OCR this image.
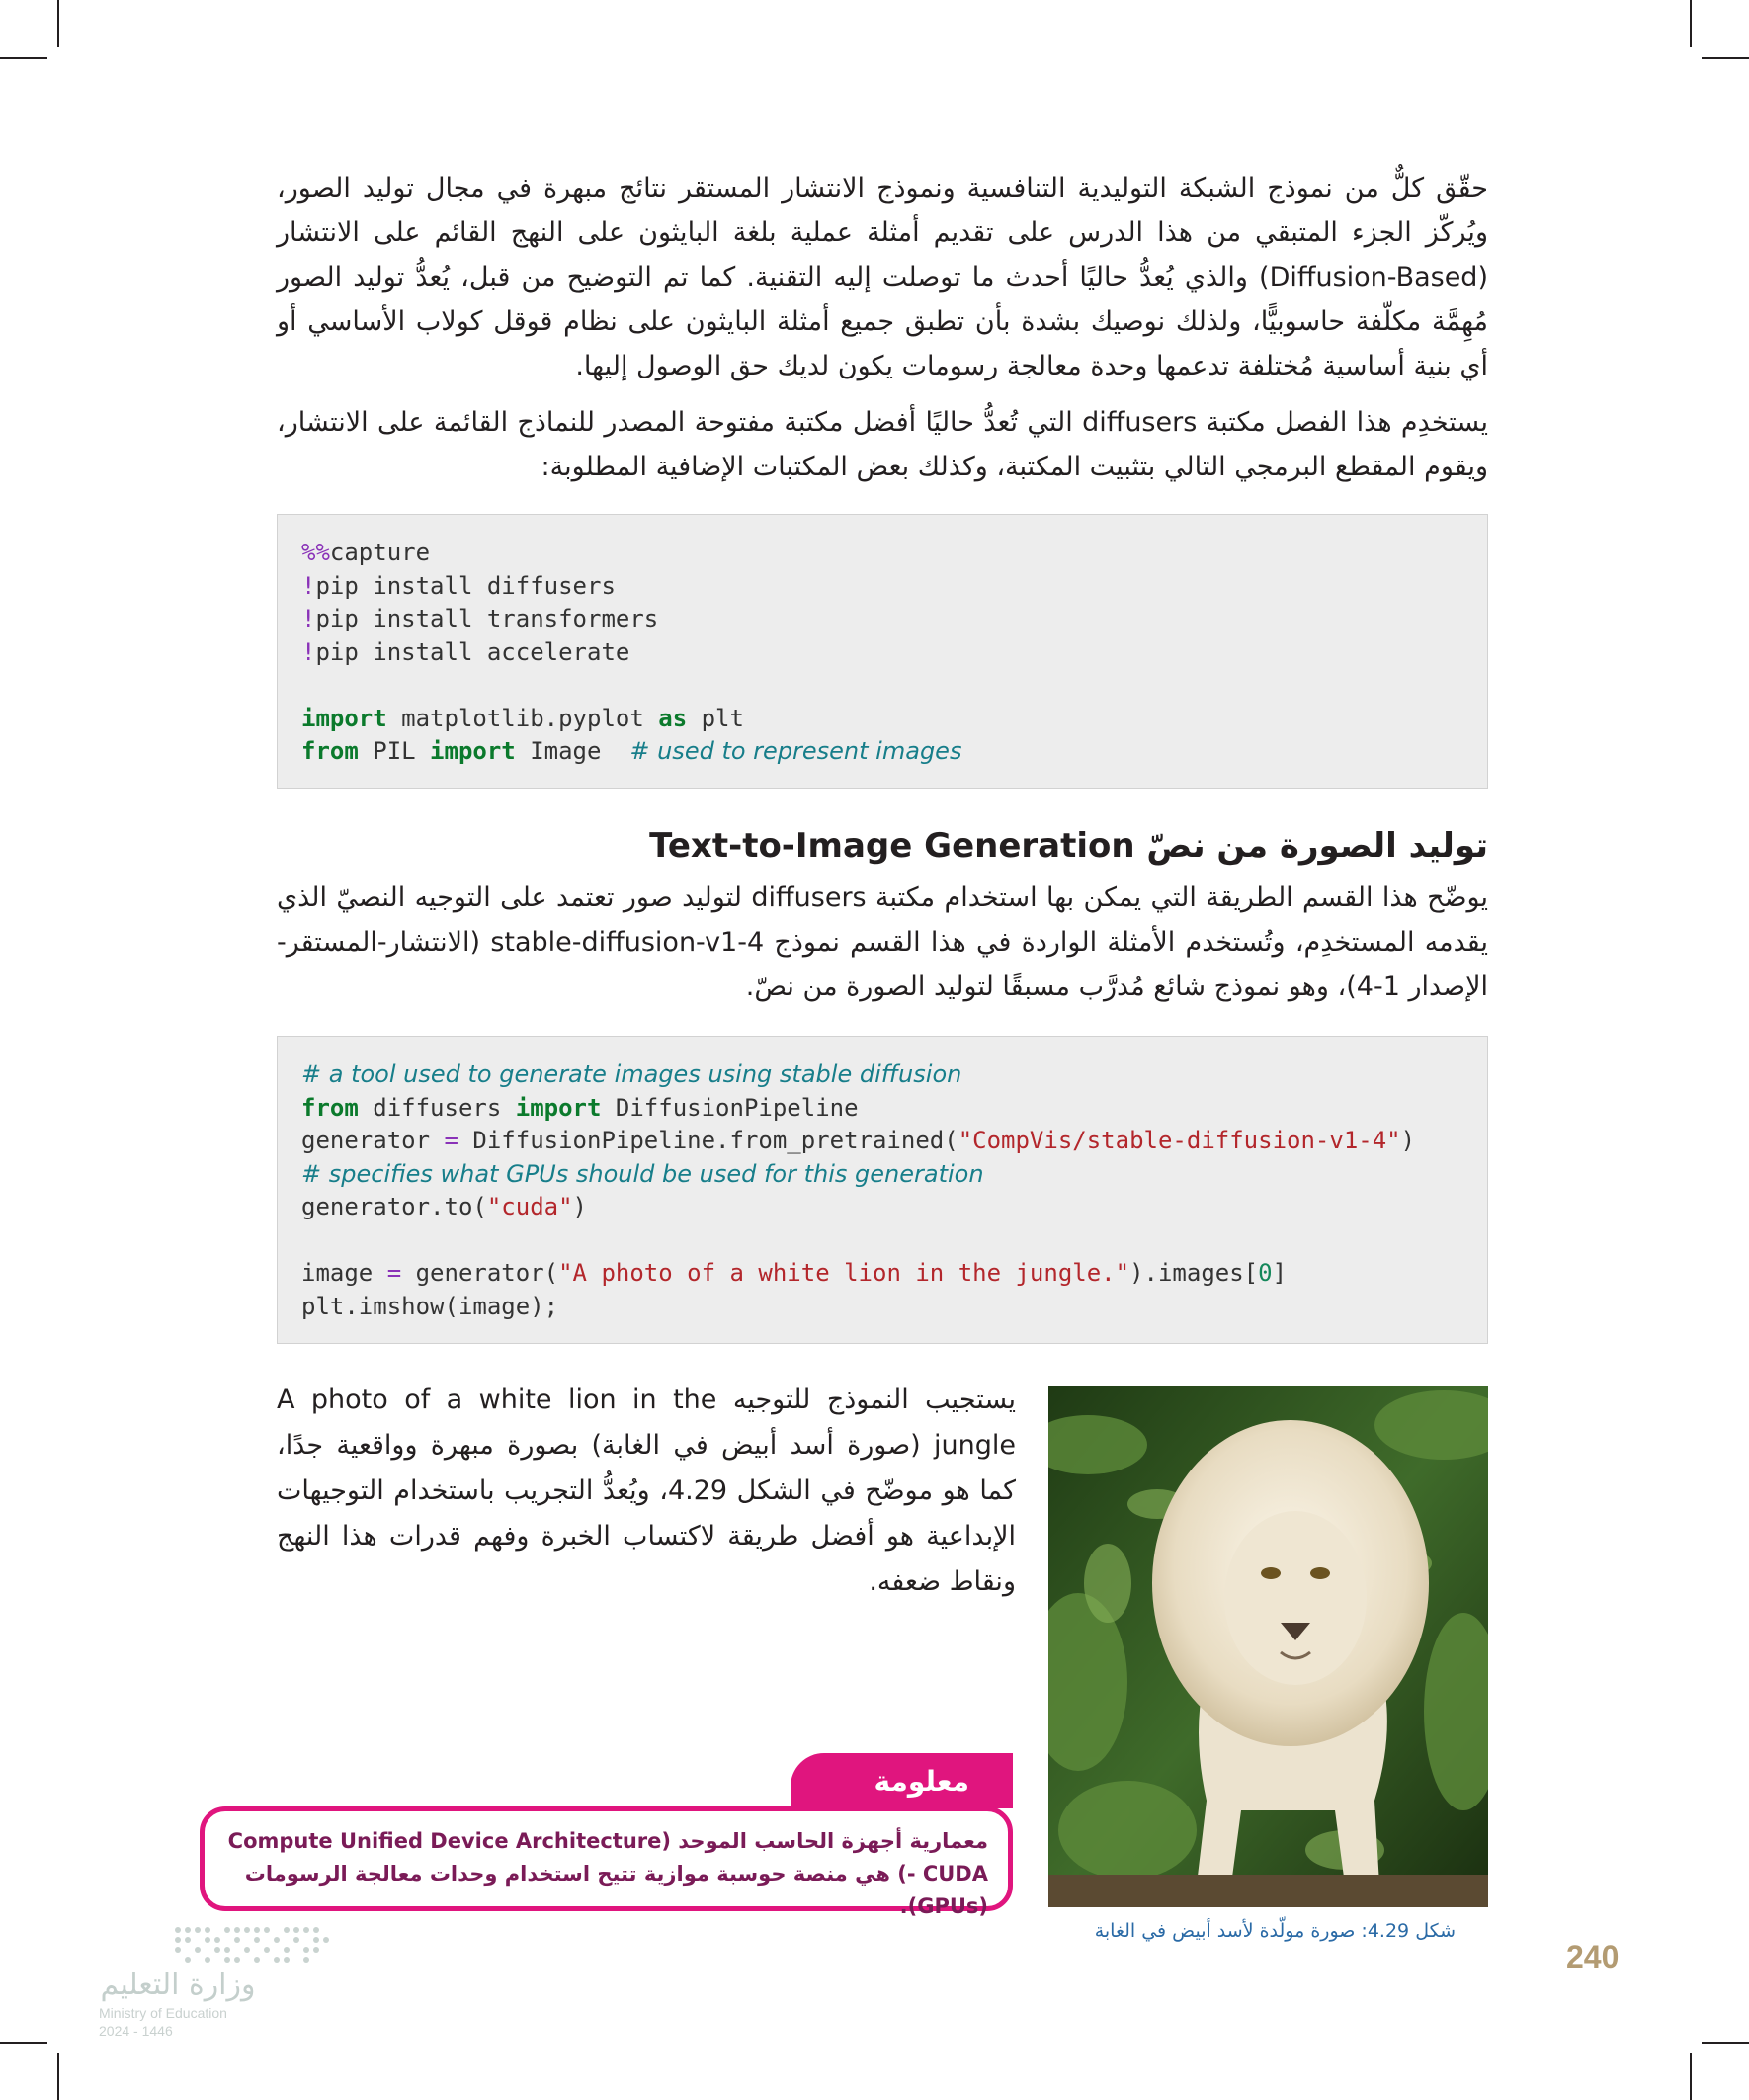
حقّق كلٌّ من نموذج الشبكة التوليدية التنافسية ونموذج الانتشار المستقر نتائج مبهرة في مجال توليد الصور، ويُركّز الجزء المتبقي من هذا الدرس على تقديم أمثلة عملية بلغة البايثون على النهج القائم على الانتشار (Diffusion-Based) والذي يُعدُّ حاليًا أحدث ما توصلت إليه التقنية. كما تم التوضيح من قبل، يُعدُّ توليد الصور مُهِمَّة مكلّفة حاسوبيًّا، ولذلك نوصيك بشدة بأن تطبق جميع أمثلة البايثون على نظام قوقل كولاب الأساسي أو أي بنية أساسية مُختلفة تدعمها وحدة معالجة رسومات يكون لديك حق الوصول إليها.

يستخدِم هذا الفصل مكتبة diffusers التي تُعدُّ حاليًا أفضل مكتبة مفتوحة المصدر للنماذج القائمة على الانتشار، ويقوم المقطع البرمجي التالي بتثبيت المكتبة، وكذلك بعض المكتبات الإضافية المطلوبة:

%%capture
!pip install diffusers
!pip install transformers
!pip install accelerate

import matplotlib.pyplot as plt
from PIL import Image  # used to represent images
توليد الصورة من نصّ Text-to-Image Generation

يوضّح هذا القسم الطريقة التي يمكن بها استخدام مكتبة diffusers لتوليد صور تعتمد على التوجيه النصيّ الذي يقدمه المستخدِم، وتُستخدم الأمثلة الواردة في هذا القسم نموذج stable-diffusion-v1-4 (الانتشار-المستقر- الإصدار 1-4)، وهو نموذج شائع مُدرَّب مسبقًا لتوليد الصورة من نصّ.

# a tool used to generate images using stable diffusion
from diffusers import DiffusionPipeline
generator = DiffusionPipeline.from_pretrained("CompVis/stable-diffusion-v1-4")
# specifies what GPUs should be used for this generation
generator.to("cuda")

image = generator("A photo of a white lion in the jungle.").images[0]
plt.imshow(image);

يستجيب النموذج للتوجيه A photo of a white lion in the jungle (صورة أسد أبيض في الغابة) بصورة مبهرة وواقعية جدًا، كما هو موضّح في الشكل 4.29، ويُعدُّ التجريب باستخدام التوجيهات الإبداعية هو أفضل طريقة لاكتساب الخبرة وفهم قدرات هذا النهج ونقاط ضعفه.

شكل 4.29: صورة مولّدة لأسد أبيض في الغابة
معلومة

معمارية أجهزة الحاسب الموحد (Compute Unified Device Architecture - CUDA) هي منصة حوسبة موازية تتيح استخدام وحدات معالجة الرسومات (GPUs).

240
وزارة التعليم
Ministry of Education
2024 - 1446
